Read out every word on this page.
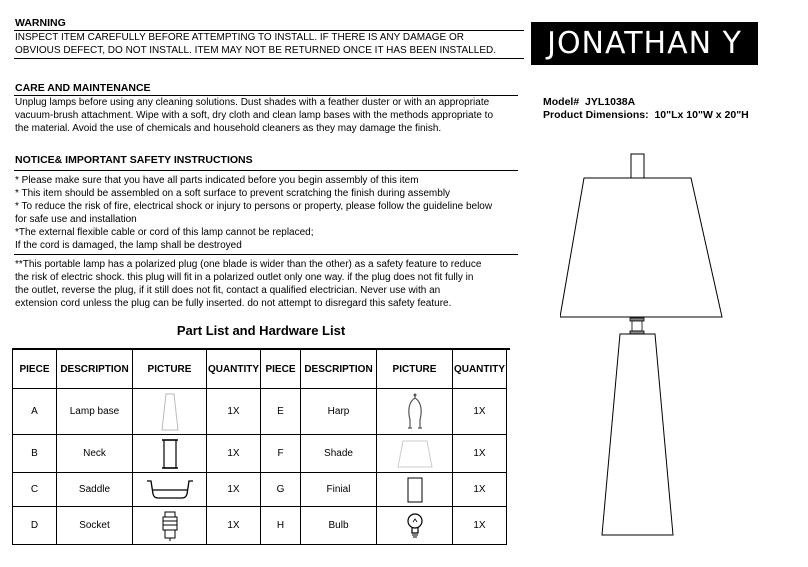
WARNING
INSPECT ITEM CAREFULLY BEFORE ATTEMPTING TO INSTALL. IF THERE IS ANY DAMAGE OR
OBVIOUS DEFECT, DO NOT INSTALL. ITEM MAY NOT BE RETURNED ONCE IT HAS BEEN INSTALLED.	JONATHAN Y
CARE AND MAINTENANCE
Unplug lamps before using any cleaning solutions. Dust shades with a feather duster or with an appropriate
vacuum-brush attachment. Wipe with a soft, dry cloth and clean lamp bases with the methods appropriate to
the material. Avoid the use of chemicals and household cleaners as they may damage the finish.
Model# JYL1038A
Product Dimensions: 10"Lx 10"W x 20"H
NOTICE& IMPORTANT SAFETY INSTRUCTIONS
* Please make sure that you have all parts indicated before you begin assembly of this item
* This item should be assembled on a soft surface to prevent scratching the finish during assembly
* To reduce the risk of fire, electrical shock or injury to persons or property, please follow the guideline below
for safe use and installation
*The external flexible cable or cord of this lamp cannot be replaced;
If the cord is damaged, the lamp shall be destroyed
**This portable lamp has a polarized plug (one blade is wider than the other) as a safety feature to reduce
the risk of electric shock. this plug will fit in a polarized outlet only one way. if the plug does not fit fully in
the outlet, reverse the plug, if it still does not fit, contact a qualified electrician. Never use with an
extension cord unless the plug can be fully inserted. do not attempt to disregard this safety feature.
Part List and Hardware List
PIECE	DESCRIPTION	PICTURE	QUANTITY	PIECE	DESCRIPTION	PICTURE	QUANTITY
A	Lamp base		1X	E	Harp		1X
B	Neck		1X	F	Shade		1X
C	Saddle		1X	G	Finial		1X
D	Socket		1X	H	Bulb		1X
